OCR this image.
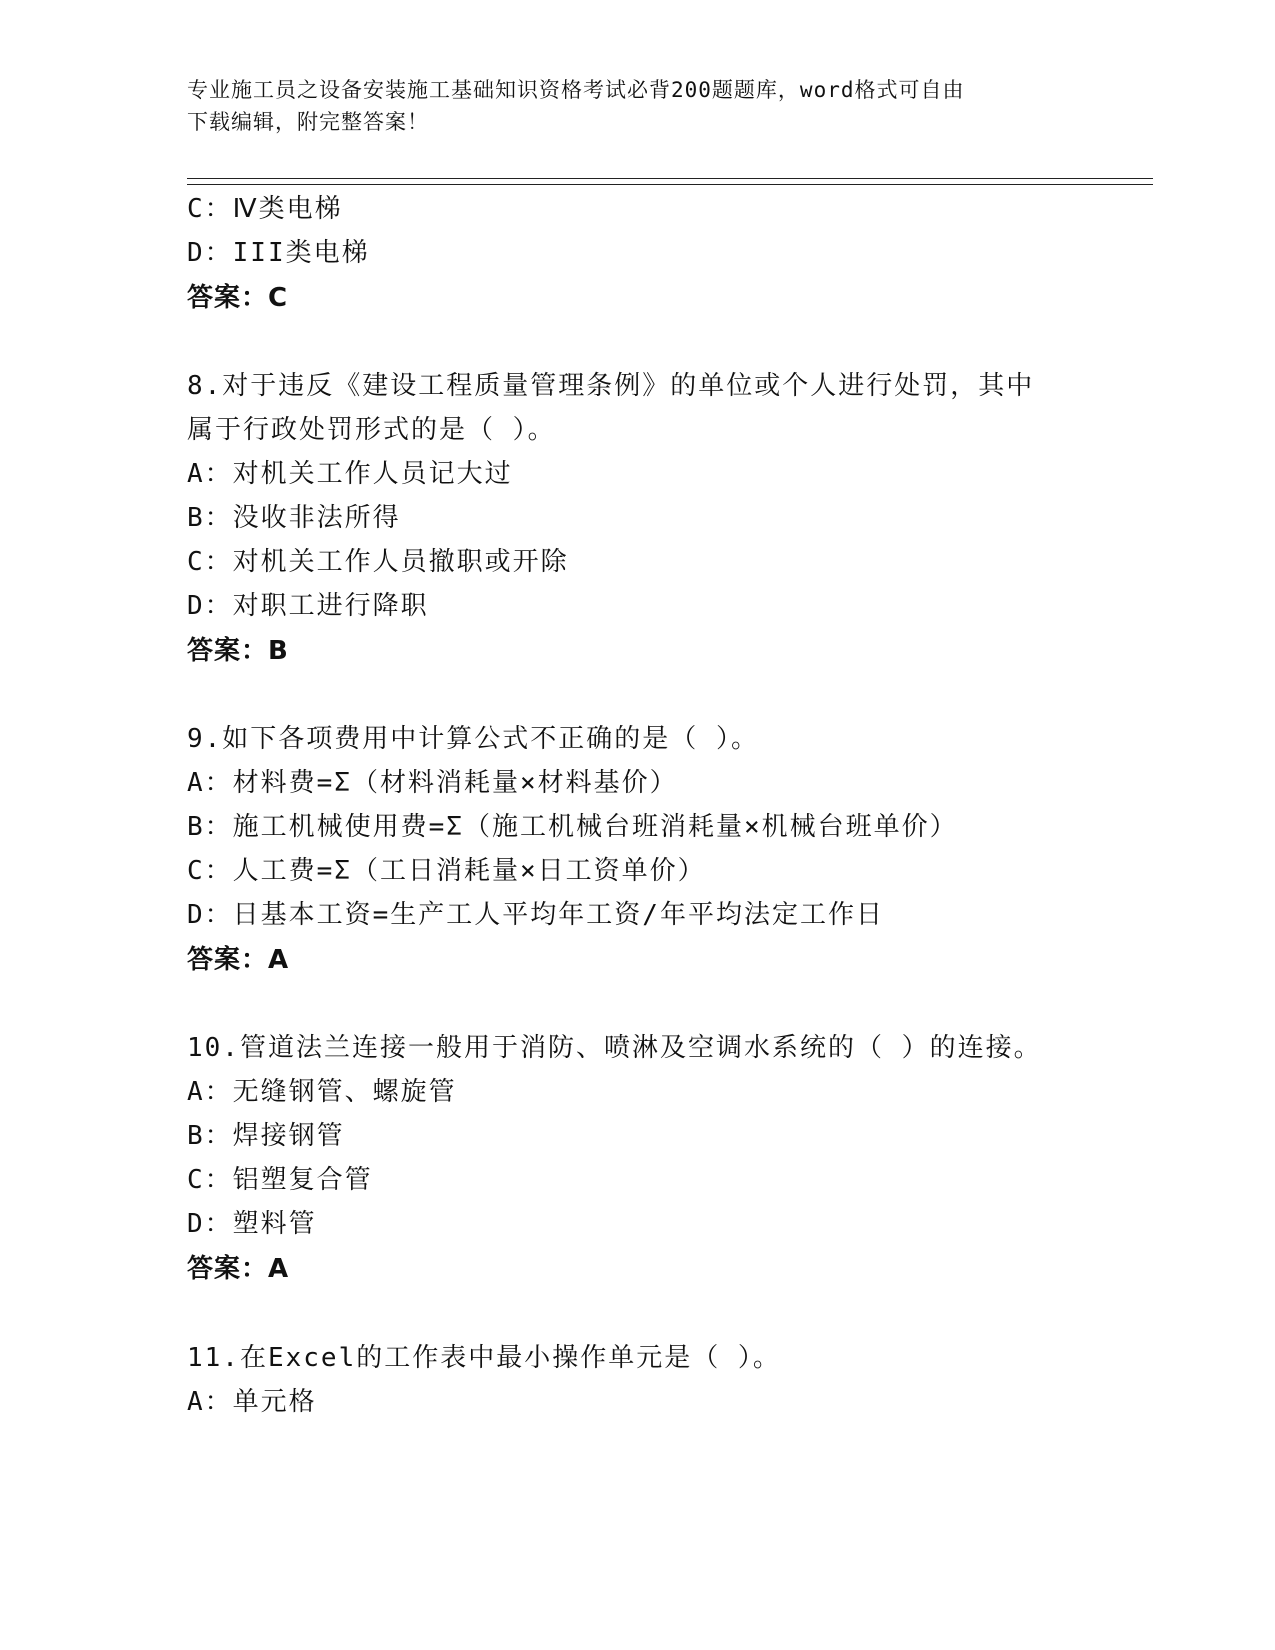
专业施工员之设备安装施工基础知识资格考试必背200题题库，word格式可自由
下载编辑，附完整答案！
C：Ⅳ类电梯
D：III类电梯
答案：C
8.对于违反《建设工程质量管理条例》的单位或个人进行处罚，其中
属于行政处罚形式的是（ ）。
A：对机关工作人员记大过
B：没收非法所得
C：对机关工作人员撤职或开除
D：对职工进行降职
答案：B
9.如下各项费用中计算公式不正确的是（ ）。
A：材料费=Σ（材料消耗量×材料基价）
B：施工机械使用费=Σ（施工机械台班消耗量×机械台班单价）
C：人工费=Σ（工日消耗量×日工资单价）
D：日基本工资=生产工人平均年工资/年平均法定工作日
答案：A
10.管道法兰连接一般用于消防、喷淋及空调水系统的（ ）的连接。
A：无缝钢管、螺旋管
B：焊接钢管
C：铝塑复合管
D：塑料管
答案：A
11.在Excel的工作表中最小操作单元是（ ）。
A：单元格
